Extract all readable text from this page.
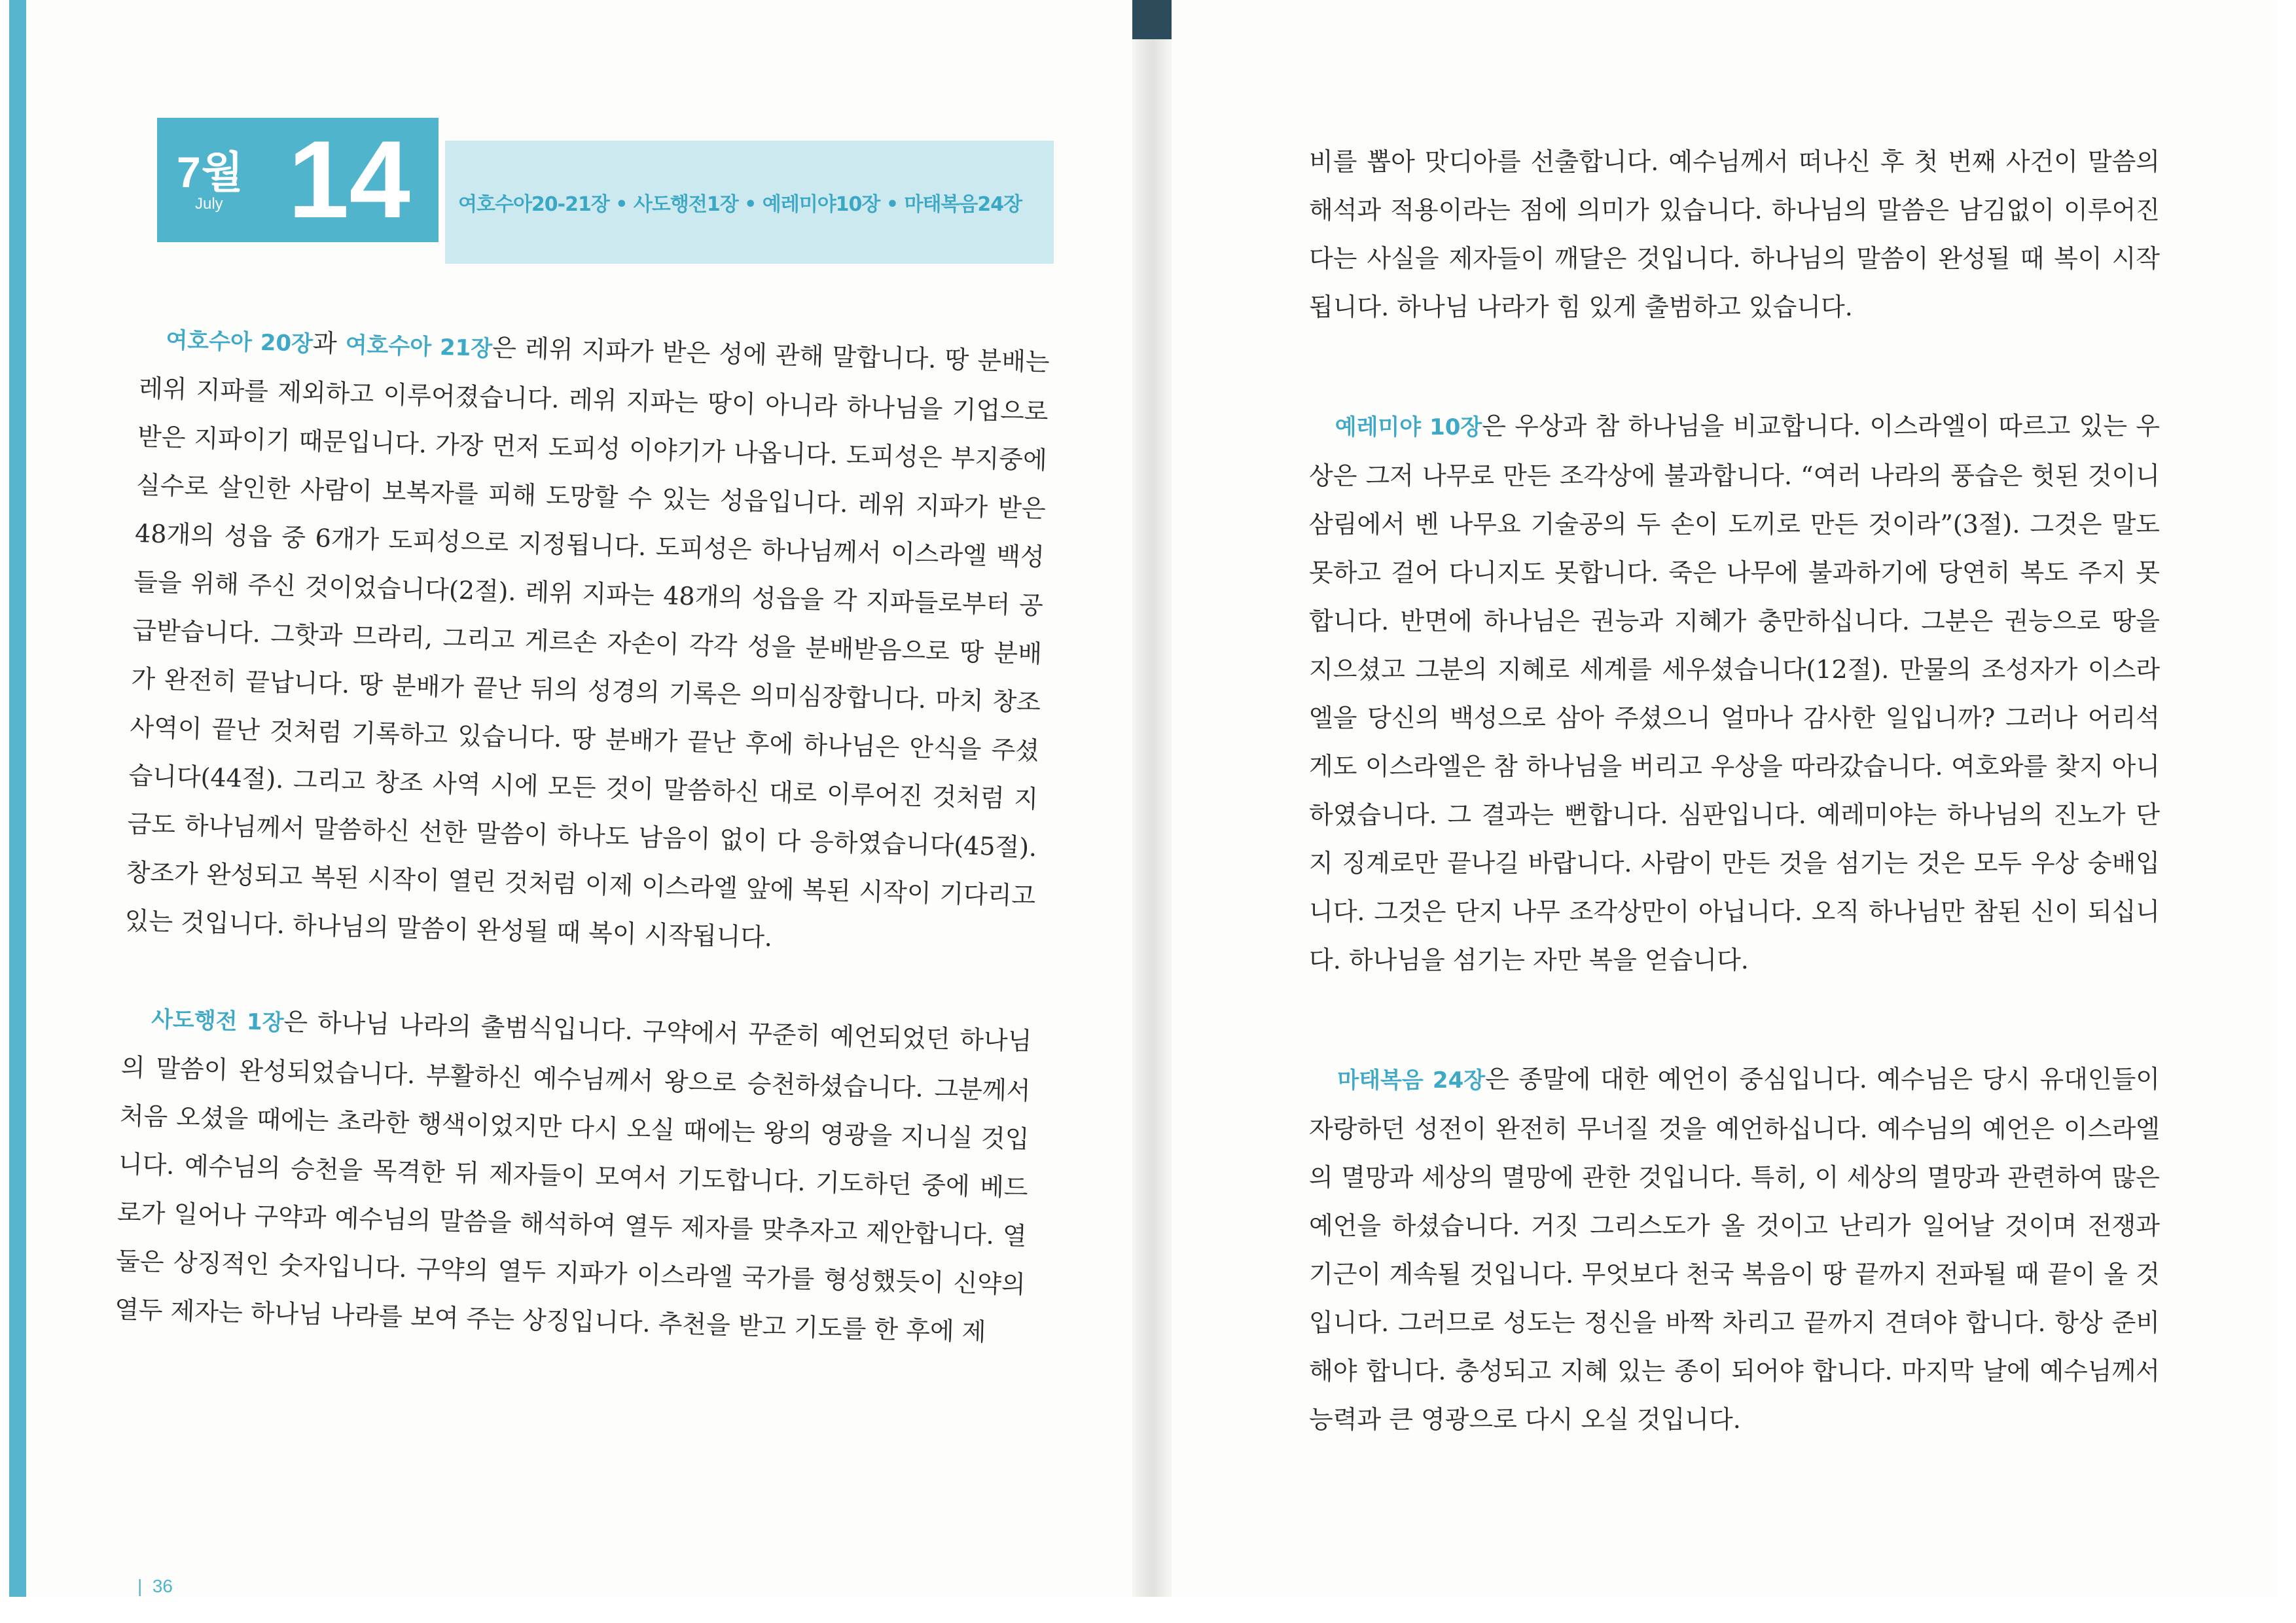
7월
July 14 여호수아20-21장 • 사도행전1장 • 예레미야10장 • 마태복음24장

여호수아 20장과 여호수아 21장은 레위 지파가 받은 성에 관해 말합니다. 땅 분배는 레위 지파를 제외하고 이루어졌습니다. 레위 지파는 땅이 아니라 하나님을 기업으로 받은 지파이기 때문입니다. 가장 먼저 도피성 이야기가 나옵니다. 도피성은 부지중에 실수로 살인한 사람이 보복자를 피해 도망할 수 있는 성읍입니다. 레위 지파가 받은 48개의 성읍 중 6개가 도피성으로 지정됩니다. 도피성은 하나님께서 이스라엘 백성들을 위해 주신 것이었습니다(2절). 레위 지파는 48개의 성읍을 각 지파들로부터 공급받습니다. 그핫과 므라리, 그리고 게르손 자손이 각각 성을 분배받음으로 땅 분배가 완전히 끝납니다. 땅 분배가 끝난 뒤의 성경의 기록은 의미심장합니다. 마치 창조 사역이 끝난 것처럼 기록하고 있습니다. 땅 분배가 끝난 후에 하나님은 안식을 주셨습니다(44절). 그리고 창조 사역 시에 모든 것이 말씀하신 대로 이루어진 것처럼 지금도 하나님께서 말씀하신 선한 말씀이 하나도 남음이 없이 다 응하였습니다(45절). 창조가 완성되고 복된 시작이 열린 것처럼 이제 이스라엘 앞에 복된 시작이 기다리고 있는 것입니다. 하나님의 말씀이 완성될 때 복이 시작됩니다.

사도행전 1장은 하나님 나라의 출범식입니다. 구약에서 꾸준히 예언되었던 하나님의 말씀이 완성되었습니다. 부활하신 예수님께서 왕으로 승천하셨습니다. 그분께서 처음 오셨을 때에는 초라한 행색이었지만 다시 오실 때에는 왕의 영광을 지니실 것입니다. 예수님의 승천을 목격한 뒤 제자들이 모여서 기도합니다. 기도하던 중에 베드로가 일어나 구약과 예수님의 말씀을 해석하여 열두 제자를 맞추자고 제안합니다. 열둘은 상징적인 숫자입니다. 구약의 열두 지파가 이스라엘 국가를 형성했듯이 신약의 열두 제자는 하나님 나라를 보여 주는 상징입니다. 추천을 받고 기도를 한 후에 제

|  36

비를 뽑아 맛디아를 선출합니다. 예수님께서 떠나신 후 첫 번째 사건이 말씀의 해석과 적용이라는 점에 의미가 있습니다. 하나님의 말씀은 남김없이 이루어진다는 사실을 제자들이 깨달은 것입니다. 하나님의 말씀이 완성될 때 복이 시작됩니다. 하나님 나라가 힘 있게 출범하고 있습니다.

예레미야 10장은 우상과 참 하나님을 비교합니다. 이스라엘이 따르고 있는 우상은 그저 나무로 만든 조각상에 불과합니다. “여러 나라의 풍습은 헛된 것이니 삼림에서 벤 나무요 기술공의 두 손이 도끼로 만든 것이라”(3절). 그것은 말도 못하고 걸어 다니지도 못합니다. 죽은 나무에 불과하기에 당연히 복도 주지 못합니다. 반면에 하나님은 권능과 지혜가 충만하십니다. 그분은 권능으로 땅을 지으셨고 그분의 지혜로 세계를 세우셨습니다(12절). 만물의 조성자가 이스라엘을 당신의 백성으로 삼아 주셨으니 얼마나 감사한 일입니까? 그러나 어리석게도 이스라엘은 참 하나님을 버리고 우상을 따라갔습니다. 여호와를 찾지 아니하였습니다. 그 결과는 뻔합니다. 심판입니다. 예레미야는 하나님의 진노가 단지 징계로만 끝나길 바랍니다. 사람이 만든 것을 섬기는 것은 모두 우상 숭배입니다. 그것은 단지 나무 조각상만이 아닙니다. 오직 하나님만 참된 신이 되십니다. 하나님을 섬기는 자만 복을 얻습니다.

마태복음 24장은 종말에 대한 예언이 중심입니다. 예수님은 당시 유대인들이 자랑하던 성전이 완전히 무너질 것을 예언하십니다. 예수님의 예언은 이스라엘의 멸망과 세상의 멸망에 관한 것입니다. 특히, 이 세상의 멸망과 관련하여 많은 예언을 하셨습니다. 거짓 그리스도가 올 것이고 난리가 일어날 것이며 전쟁과 기근이 계속될 것입니다. 무엇보다 천국 복음이 땅 끝까지 전파될 때 끝이 올 것입니다. 그러므로 성도는 정신을 바짝 차리고 끝까지 견뎌야 합니다. 항상 준비해야 합니다. 충성되고 지혜 있는 종이 되어야 합니다. 마지막 날에 예수님께서 능력과 큰 영광으로 다시 오실 것입니다.
